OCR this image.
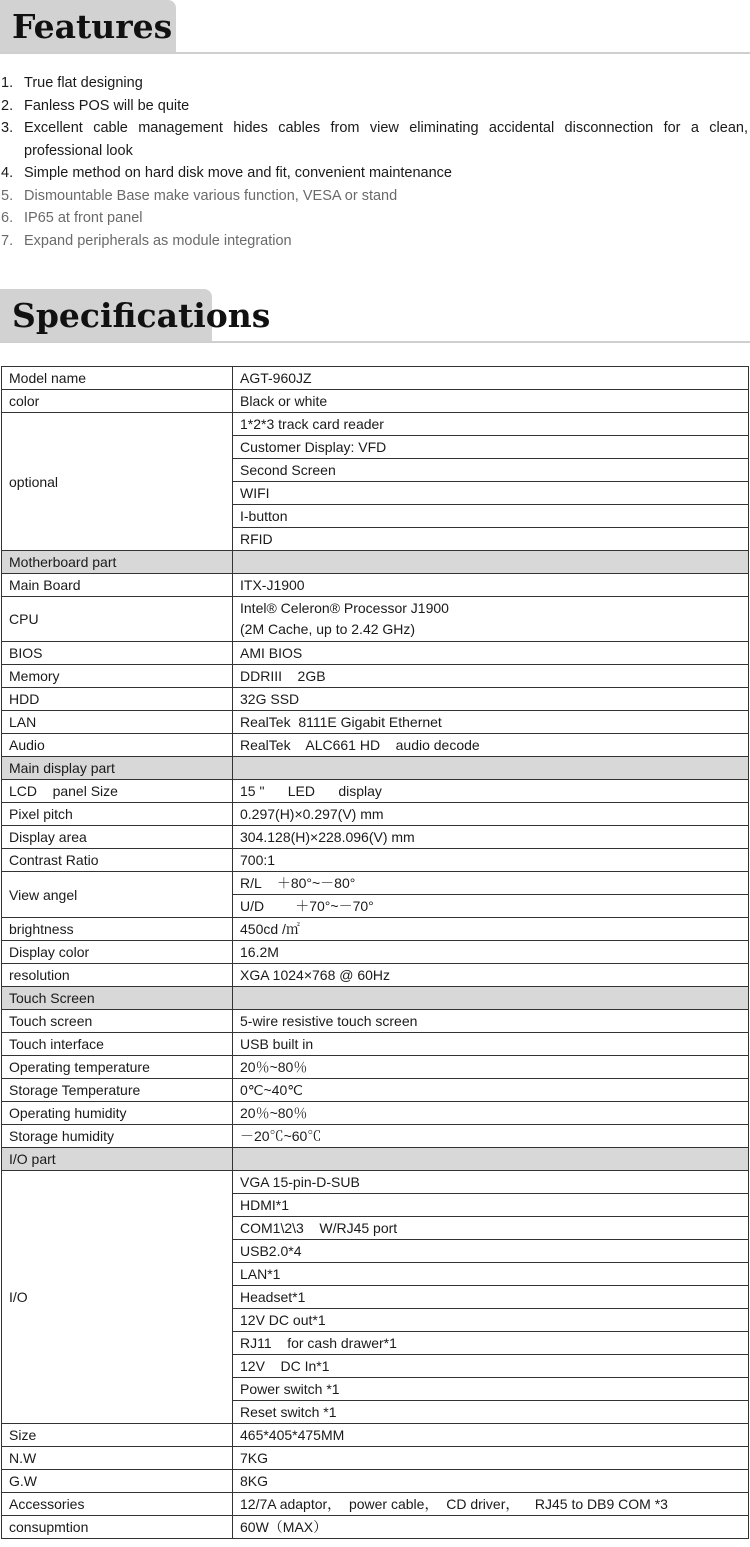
Features
1. True flat designing
2. Fanless POS will be quite
3. Excellent cable management hides cables from view eliminating accidental disconnection for a clean, professional look
4. Simple method on hard disk move and fit, convenient maintenance
5. Dismountable Base make various function, VESA or stand
6. IP65 at front panel
7. Expand peripherals as module integration
Specifications
Model name	AGT-960JZ
color	Black or white
optional	1*2*3 track card reader
	Customer Display: VFD
	Second Screen
	WIFI
	I-button
	RFID
Motherboard part	
Main Board	ITX-J1900
CPU	Intel® Celeron® Processor J1900
(2M Cache, up to 2.42 GHz)

BIOS	AMI BIOS
Memory	DDRIII    2GB
HDD	32G SSD
LAN	RealTek  8111E Gigabit Ethernet
Audio	RealTek    ALC661 HD    audio decode
Main display part	
LCD    panel Size	15 "      LED      display
Pixel pitch	0.297(H)×0.297(V) mm
Display area	304.128(H)×228.096(V) mm
Contrast Ratio	700:1
View angel	R/L    ＋80°~－80°
	U/D        ＋70°~－70°
brightness	450cd /㎡
Display color	16.2M
resolution	XGA 1024×768 @ 60Hz
Touch Screen	
Touch screen	5-wire resistive touch screen
Touch interface	USB built in
Operating temperature	20％~80％
Storage Temperature	0℃~40℃
Operating humidity	20％~80％
Storage humidity	－20℃~60℃
I/O part	
I/O	VGA 15-pin-D-SUB
	HDMI*1
	COM1\2\3    W/RJ45 port
	USB2.0*4
	LAN*1
	Headset*1
	12V DC out*1
	RJ11    for cash drawer*1
	12V    DC In*1
	Power switch *1
	Reset switch *1
Size	465*405*475MM
N.W	7KG
G.W	8KG
Accessories	12/7A adaptor，  power cable，  CD driver，    RJ45 to DB9 COM *3
consupmtion	60W（MAX）
